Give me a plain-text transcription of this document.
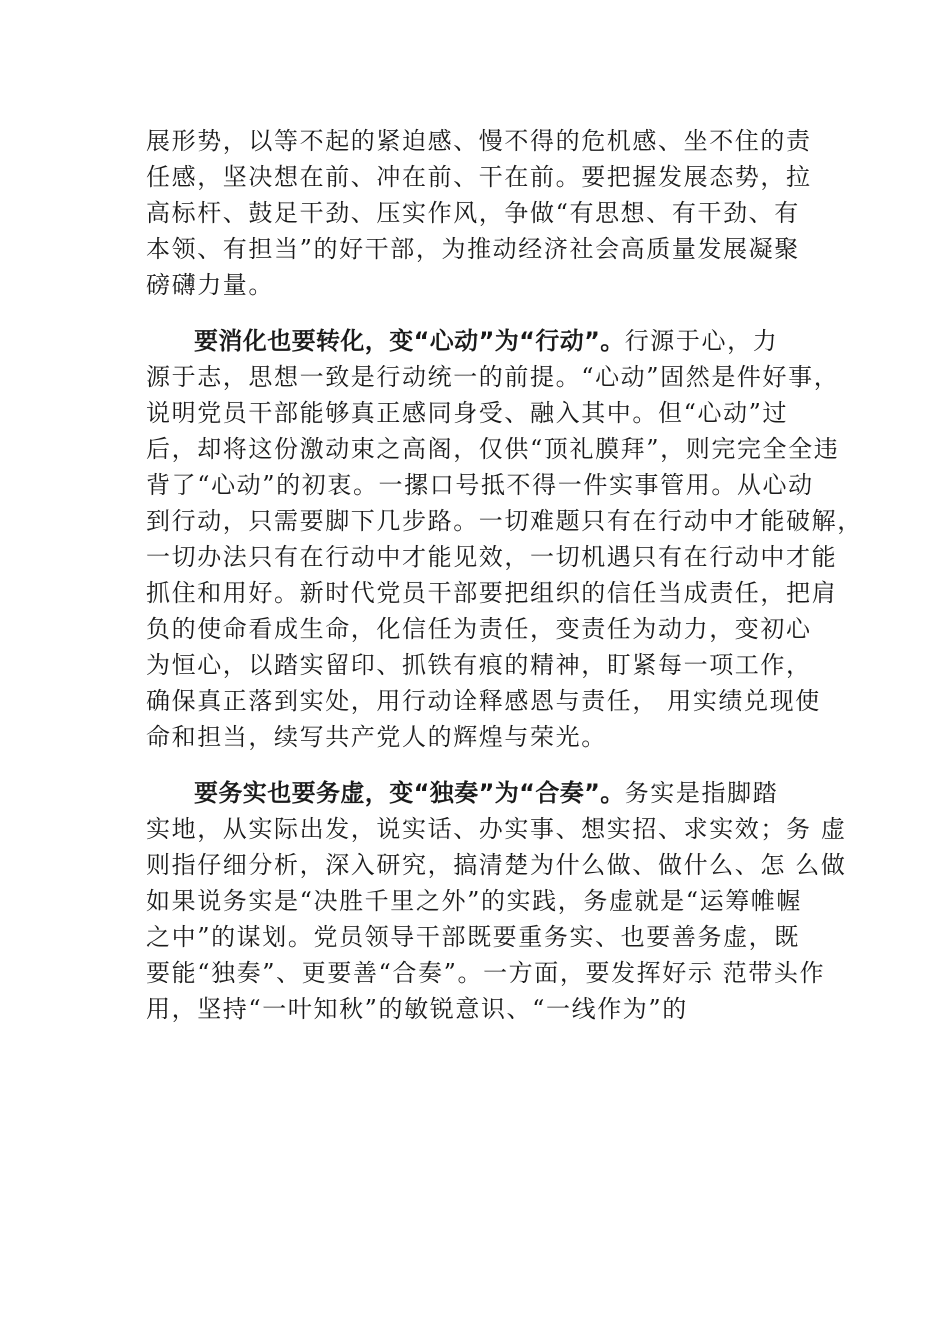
展形势，以等不起的紧迫感、慢不得的危机感、坐不住的责
任感，坚决想在前、冲在前、干在前。要把握发展态势，拉
高标杆、鼓足干劲、压实作风，争做“有思想、有干劲、有
本领、有担当”的好干部，为推动经济社会高质量发展凝聚
磅礴力量。
要消化也要转化，变“心动”为“行动”。行源于心，力
源于志，思想一致是行动统一的前提。“心动”固然是件好事，
说明党员干部能够真正感同身受、融入其中。但“心动”过
后，却将这份激动束之高阁，仅供“顶礼膜拜”，则完完全全违
背了“心动”的初衷。一摞口号抵不得一件实事管用。从心动
到行动，只需要脚下几步路。一切难题只有在行动中才能破解，
一切办法只有在行动中才能见效，一切机遇只有在行动中才能
抓住和用好。新时代党员干部要把组织的信任当成责任，把肩
负的使命看成生命，化信任为责任，变责任为动力，变初心
为恒心，以踏实留印、抓铁有痕的精神，盯紧每一项工作，
确保真正落到实处，用行动诠释感恩与责任， 用实绩兑现使
命和担当，续写共产党人的辉煌与荣光。
要务实也要务虚，变“独奏”为“合奏”。务实是指脚踏
实地，从实际出发，说实话、办实事、想实招、求实效；务 虚
则指仔细分析，深入研究，搞清楚为什么做、做什么、怎 么做
如果说务实是“决胜千里之外”的实践，务虚就是“运筹帷幄
之中”的谋划。党员领导干部既要重务实、也要善务虚，既
要能“独奏”、更要善“合奏”。一方面，要发挥好示 范带头作
用，坚持“一叶知秋”的敏锐意识、“一线作为”的
